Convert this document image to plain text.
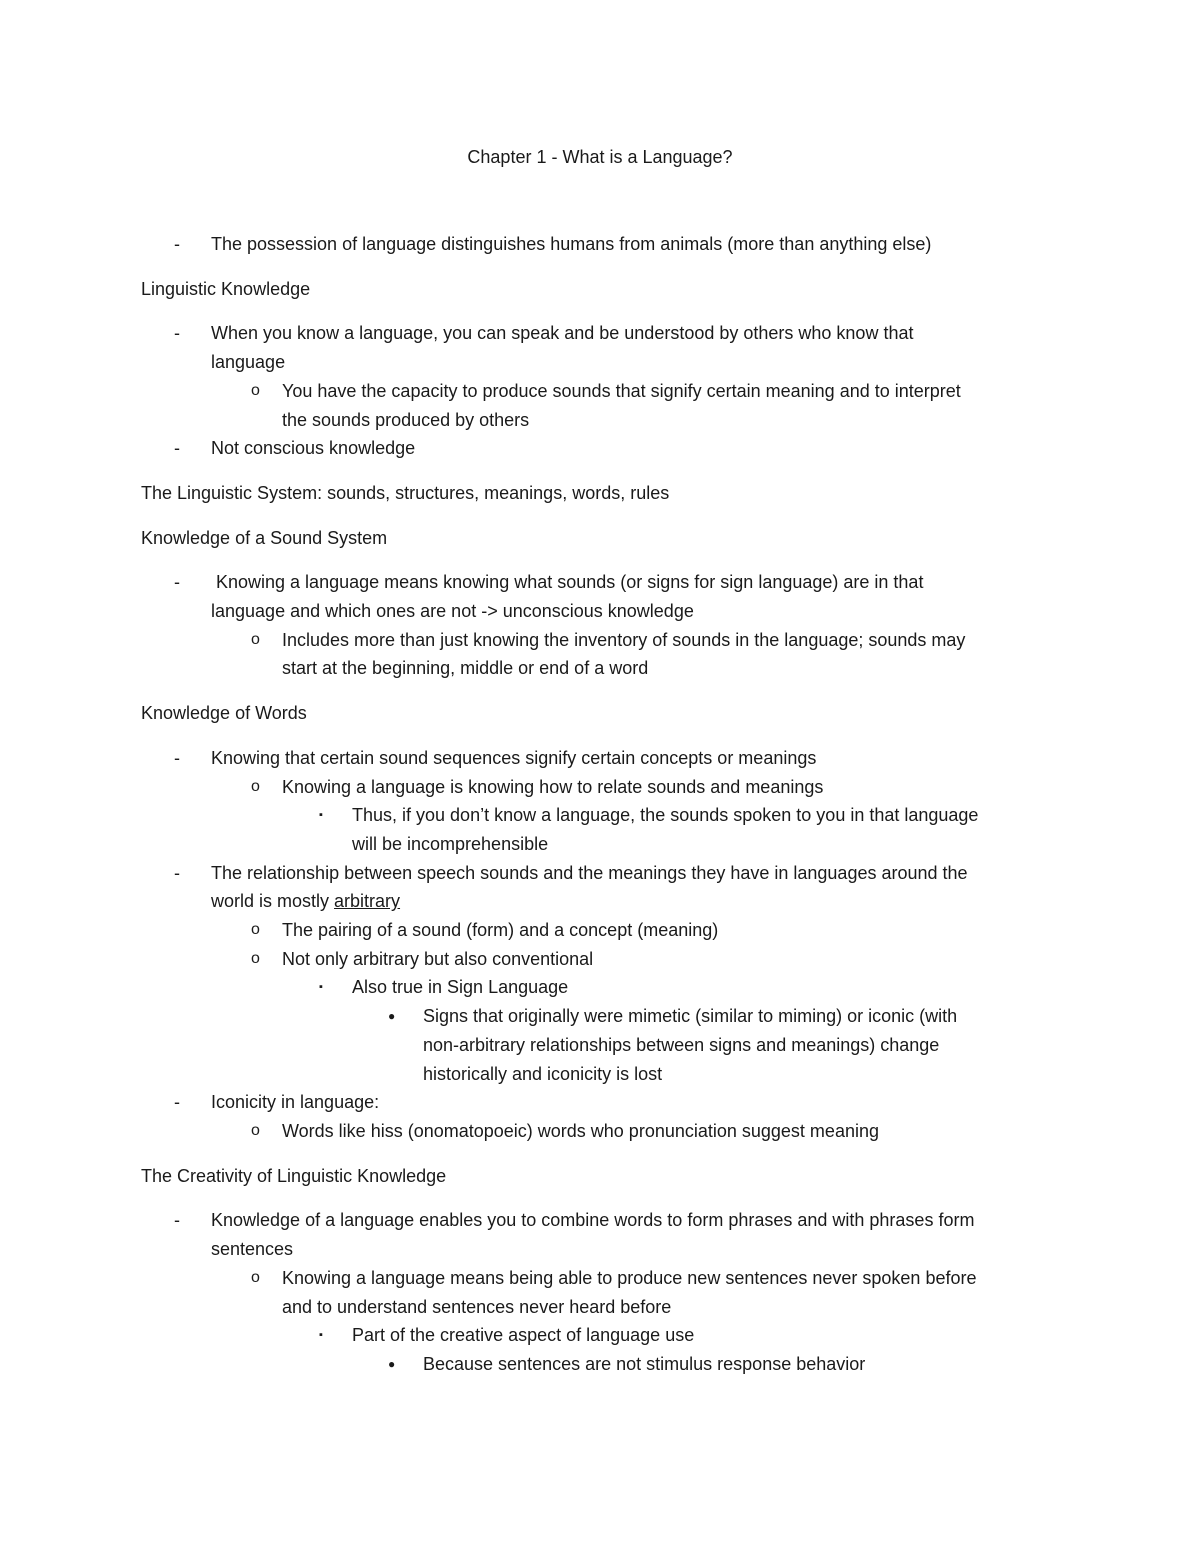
Chapter 1 - What is a Language?
- The possession of language distinguishes humans from animals (more than anything else)
Linguistic Knowledge
- When you know a language, you can speak and be understood by others who know that
language
o You have the capacity to produce sounds that signify certain meaning and to interpret
the sounds produced by others
- Not conscious knowledge
The Linguistic System: sounds, structures, meanings, words, rules
Knowledge of a Sound System
- Knowing a language means knowing what sounds (or signs for sign language) are in that
language and which ones are not -> unconscious knowledge
o Includes more than just knowing the inventory of sounds in the language; sounds may
start at the beginning, middle or end of a word
Knowledge of Words
- Knowing that certain sound sequences signify certain concepts or meanings
o Knowing a language is knowing how to relate sounds and meanings
▪ Thus, if you don’t know a language, the sounds spoken to you in that language
will be incomprehensible
- The relationship between speech sounds and the meanings they have in languages around the
world is mostly arbitrary
o The pairing of a sound (form) and a concept (meaning)
o Not only arbitrary but also conventional
▪ Also true in Sign Language
● Signs that originally were mimetic (similar to miming) or iconic (with
non-arbitrary relationships between signs and meanings) change
historically and iconicity is lost
- Iconicity in language:
o Words like hiss (onomatopoeic) words who pronunciation suggest meaning
The Creativity of Linguistic Knowledge
- Knowledge of a language enables you to combine words to form phrases and with phrases form
sentences
o Knowing a language means being able to produce new sentences never spoken before
and to understand sentences never heard before
▪ Part of the creative aspect of language use
● Because sentences are not stimulus response behavior
